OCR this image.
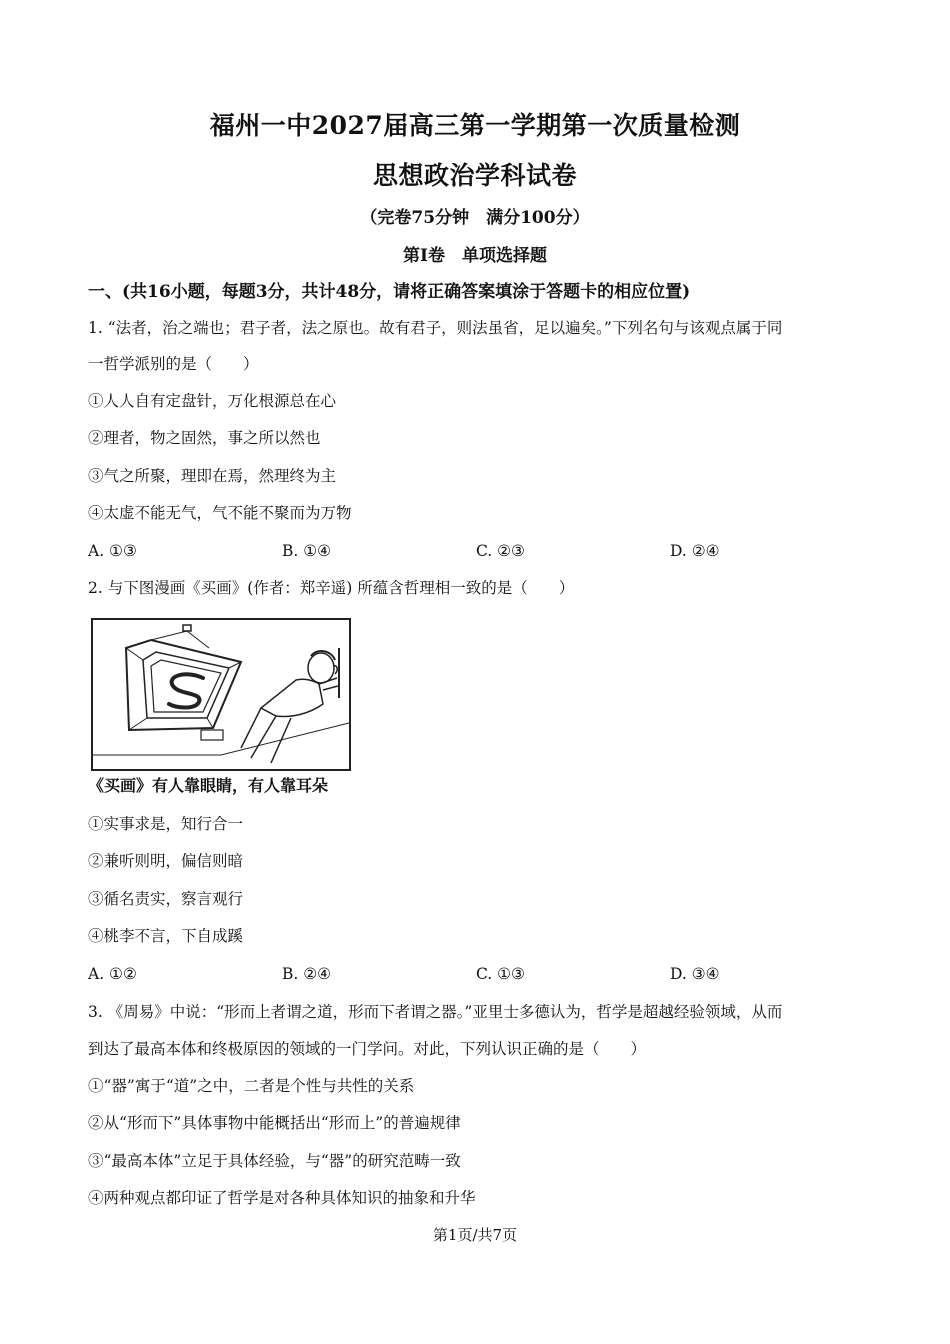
福州一中2027届高三第一学期第一次质量检测
思想政治学科试卷
（完卷75分钟　满分100分）
第Ⅰ卷　单项选择题
一、(共16小题，每题3分，共计48分，请将正确答案填涂于答题卡的相应位置)
1. “法者，治之端也；君子者，法之原也。故有君子，则法虽省，足以遍矣。”下列名句与该观点属于同
一哲学派别的是（　　）
①人人自有定盘针，万化根源总在心
②理者，物之固然，事之所以然也
③气之所聚，理即在焉，然理终为主
④太虚不能无气，气不能不聚而为万物
A. ①③	B. ①④	C. ②③	D. ②④
2. 与下图漫画《买画》(作者：郑辛遥) 所蕴含哲理相一致的是（　　）
《买画》有人靠眼睛，有人靠耳朵
①实事求是，知行合一
②兼听则明，偏信则暗
③循名责实，察言观行
④桃李不言，下自成蹊
A. ①②	B. ②④	C. ①③	D. ③④
3. 《周易》中说：“形而上者谓之道，形而下者谓之器。”亚里士多德认为，哲学是超越经验领域，从而
到达了最高本体和终极原因的领域的一门学问。对此，下列认识正确的是（　　）
①“器”寓于“道”之中，二者是个性与共性的关系
②从“形而下”具体事物中能概括出“形而上”的普遍规律
③“最高本体”立足于具体经验，与“器”的研究范畴一致
④两种观点都印证了哲学是对各种具体知识的抽象和升华
第1页/共7页
